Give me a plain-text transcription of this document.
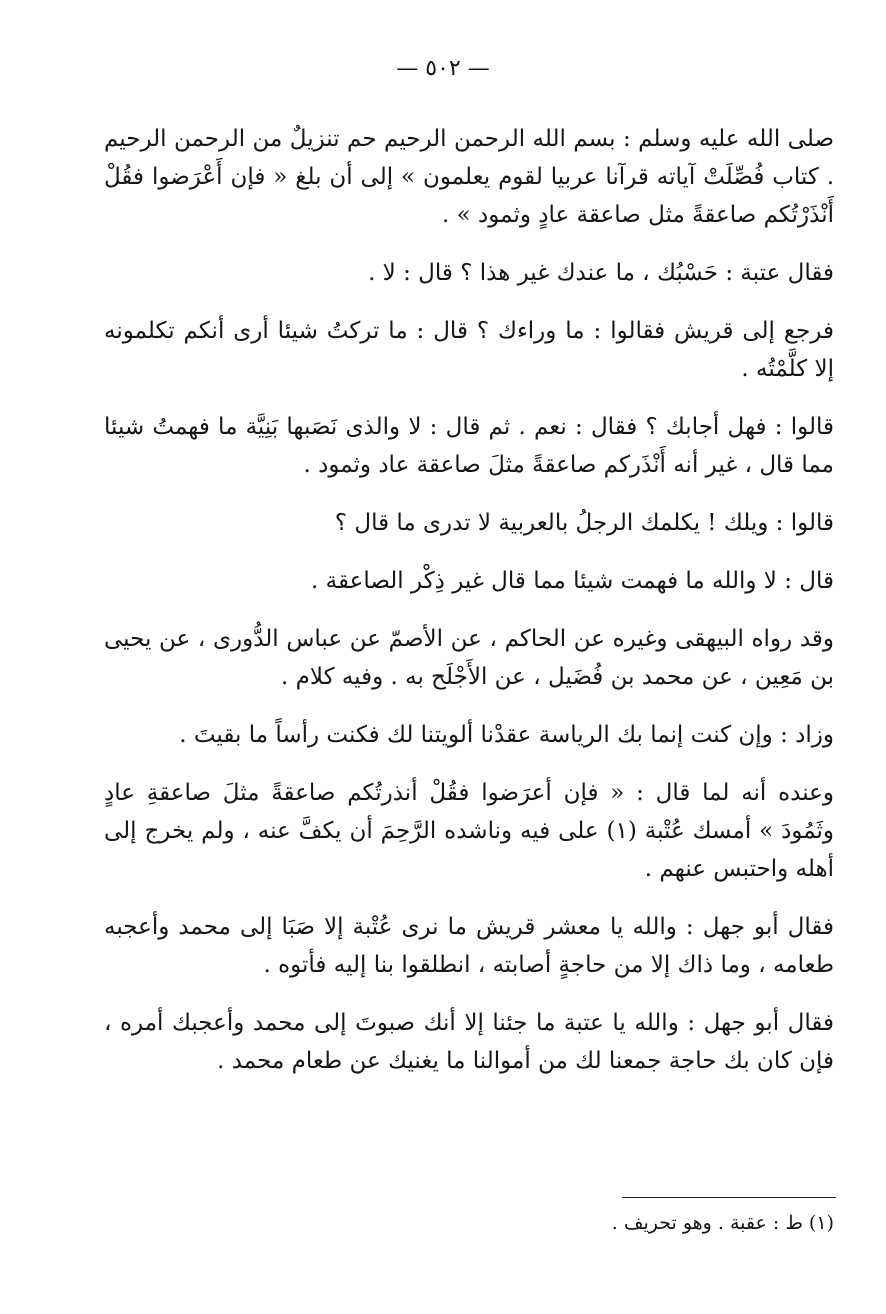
— ٥٠٢ —

صلى الله عليه وسلم : بسم الله الرحمن الرحيم حم تنزيلٌ من الرحمن الرحيم . كتاب فُصِّلَتْ آياته قرآنا عربيا لقوم يعلمون » إلى أن بلغ « فإن أَعْرَضوا فقُلْ أَنْذَرْتُكم صاعقةً مثل صاعقة عادٍ وثمود » .

فقال عتبة : حَسْبُك ، ما عندك غير هذا ؟ قال : لا .

فرجع إلى قريش فقالوا : ما وراءك ؟ قال : ما تركتُ شيئا أرى أنكم تكلمونه إلا كلَّمْتُه .

قالوا : فهل أجابك ؟ فقال : نعم . ثم قال : لا والذى نَصَبها بَنِيَّة ما فهمتُ شيئا مما قال ، غير أنه أَنْذَركم صاعقةً مثلَ صاعقة عاد وثمود .

قالوا : ويلك ! يكلمك الرجلُ بالعربية لا تدرى ما قال ؟

قال : لا والله ما فهمت شيئا مما قال غير ذِكْر الصاعقة .

وقد رواه البيهقى وغيره عن الحاكم ، عن الأصمّ عن عباس الدُّورى ، عن يحيى بن مَعِين ، عن محمد بن فُضَيل ، عن الأَجْلَح به . وفيه كلام .

وزاد : وإن كنت إنما بك الرياسة عقدْنا ألويتنا لك فكنت رأساً ما بقيتَ .

وعنده أنه لما قال : « فإن أعرَضوا فقُلْ أنذرتُكم صاعقةً مثلَ صاعقةِ عادٍ وثَمُودَ » أمسك عُتْبة (١) على فيه وناشده الرَّحِمَ أن يكفَّ عنه ، ولم يخرج إلى أهله واحتبس عنهم .

فقال أبو جهل : والله يا معشر قريش ما نرى عُتْبة إلا صَبَا إلى محمد وأعجبه طعامه ، وما ذاك إلا من حاجةٍ أصابته ، انطلقوا بنا إليه فأتوه .

فقال أبو جهل : والله يا عتبة ما جئنا إلا أنك صبوتَ إلى محمد وأعجبك أمره ، فإن كان بك حاجة جمعنا لك من أموالنا ما يغنيك عن طعام محمد .

(١) ط : عقبة . وهو تحريف .
